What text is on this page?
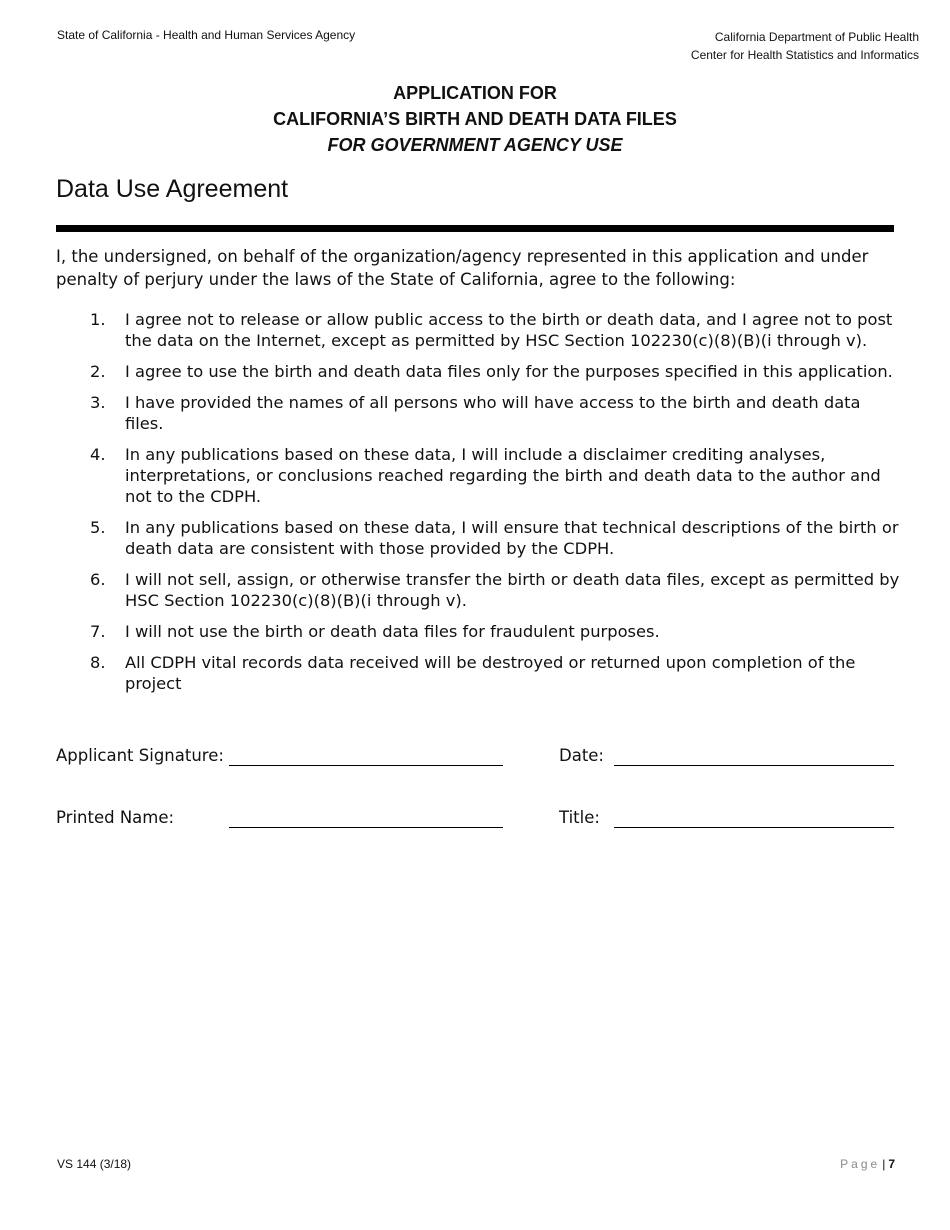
State of California - Health and Human Services Agency	California Department of Public Health
Center for Health Statistics and Informatics
APPLICATION FOR
CALIFORNIA’S BIRTH AND DEATH DATA FILES
FOR GOVERNMENT AGENCY USE
Data Use Agreement
I, the undersigned, on behalf of the organization/agency represented in this application and under penalty of perjury under the laws of the State of California, agree to the following:
1. I agree not to release or allow public access to the birth or death data, and I agree not to post the data on the Internet, except as permitted by HSC Section 102230(c)(8)(B)(i through v).
2. I agree to use the birth and death data files only for the purposes specified in this application.
3. I have provided the names of all persons who will have access to the birth and death data files.
4. In any publications based on these data, I will include a disclaimer crediting analyses, interpretations, or conclusions reached regarding the birth and death data to the author and not to the CDPH.
5. In any publications based on these data, I will ensure that technical descriptions of the birth or death data are consistent with those provided by the CDPH.
6. I will not sell, assign, or otherwise transfer the birth or death data files, except as permitted by HSC Section 102230(c)(8)(B)(i through v).
7. I will not use the birth or death data files for fraudulent purposes.
8. All CDPH vital records data received will be destroyed or returned upon completion of the project
Applicant Signature:	Date:
Printed Name:	Title:
VS 144 (3/18)	Page | 7
